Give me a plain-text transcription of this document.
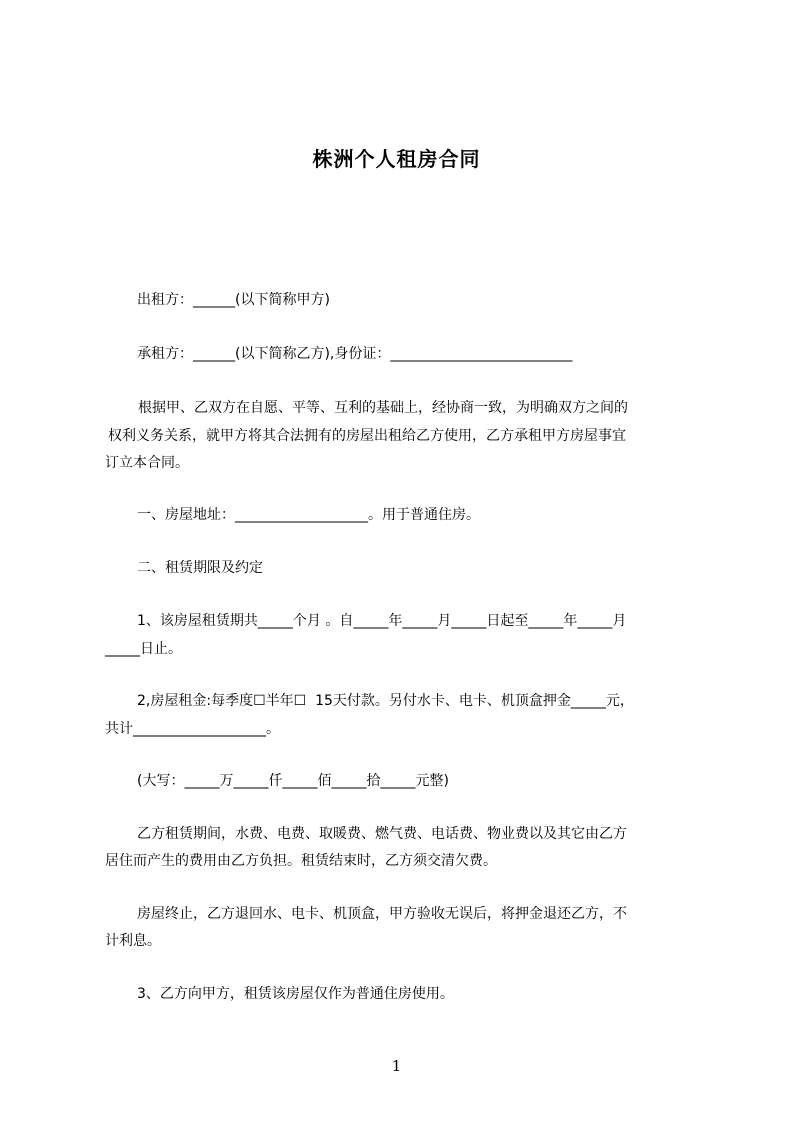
株洲个人租房合同
出租方：______(以下简称甲方)
承租方：______(以下简称乙方),身份证：__________________________
根据甲、乙双方在自愿、平等、互利的基础上，经协商一致，为明确双方之间的
权利义务关系，就甲方将其合法拥有的房屋出租给乙方使用，乙方承租甲方房屋事宜
订立本合同。
一、房屋地址：___________________。用于普通住房。
二、租赁期限及约定
1、该房屋租赁期共_____个月 。自_____年_____月_____日起至_____年_____月
_____日止。
2,房屋租金:每季度☐半年☐  15天付款。另付水卡、电卡、机顶盒押金_____元，
共计___________________。
(大写：_____万_____仟_____佰_____拾_____元整)
乙方租赁期间，水费、电费、取暖费、燃气费、电话费、物业费以及其它由乙方
居住而产生的费用由乙方负担。租赁结束时，乙方须交清欠费。
房屋终止，乙方退回水、电卡、机顶盒，甲方验收无误后，将押金退还乙方，不
计利息。
3、乙方向甲方，租赁该房屋仅作为普通住房使用。
1
